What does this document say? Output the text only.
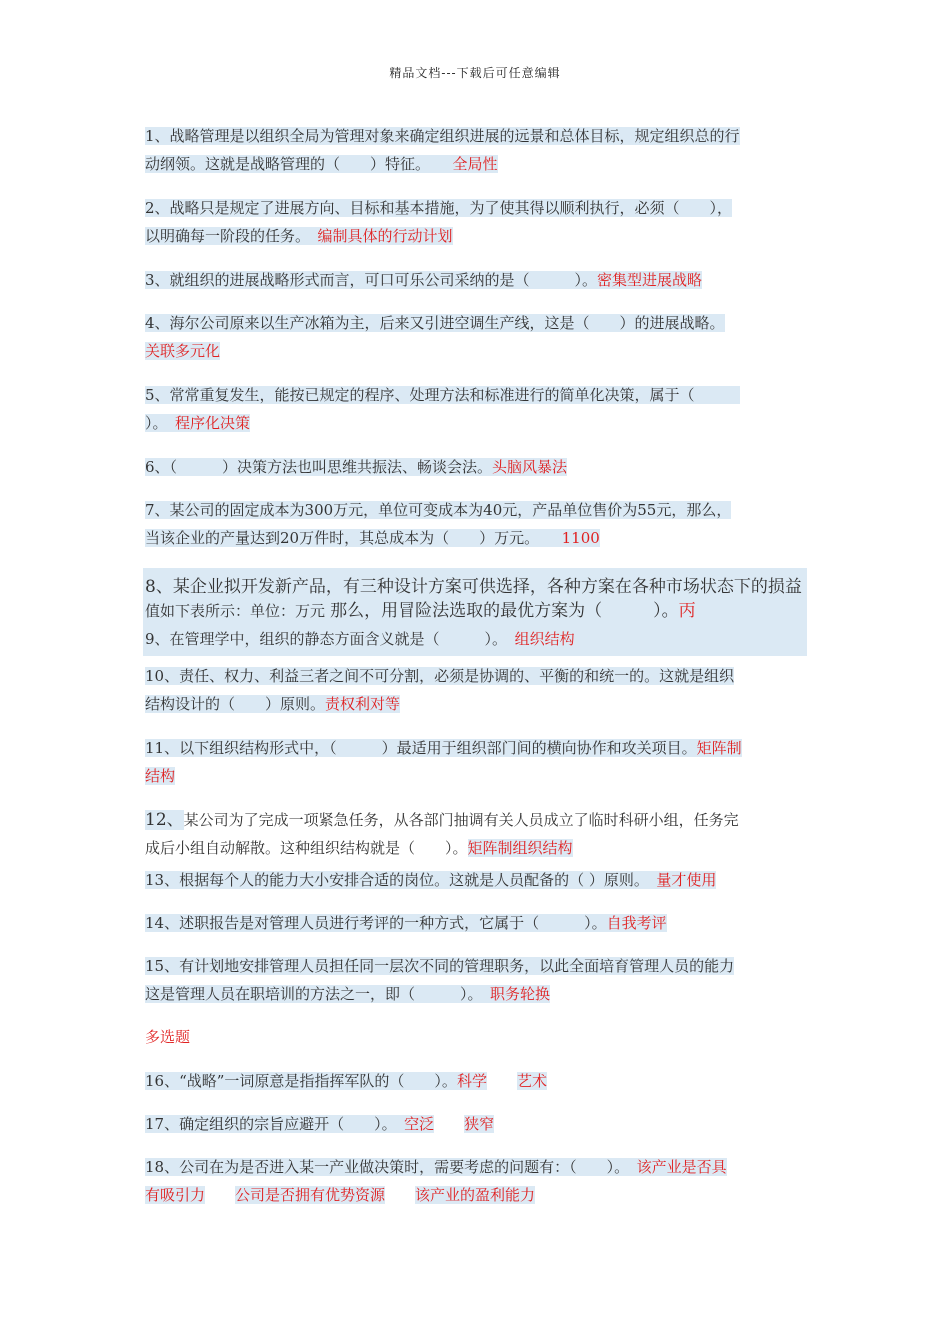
精品文档---下载后可任意编辑
1、战略管理是以组织全局为管理对象来确定组织进展的远景和总体目标，规定组织总的行
动纲领。这就是战略管理的（　　）特征。　　 全局性
2、战略只是规定了进展方向、目标和基本措施，为了使其得以顺利执行，必须（　　），
以明确每一阶段的任务。　 编制具体的行动计划
3、就组织的进展战略形式而言，可口可乐公司采纳的是（　　　）。密集型进展战略
4、海尔公司原来以生产冰箱为主，后来又引进空调生产线，这是（　　）的进展战略。
关联多元化
5、常常重复发生，能按已规定的程序、处理方法和标准进行的简单化决策，属于（　　　
）。　 程序化决策
6、（　　　）决策方法也叫思维共振法、畅谈会法。头脑风暴法
7、某公司的固定成本为300万元，单位可变成本为40元，产品单位售价为55元，那么，
当该企业的产量达到20万件时，其总成本为（　　）万元。　　 1100
8、某企业拟开发新产品，有三种设计方案可供选择，各种方案在各种市场状态下的损益
值如下表所示：单位：万元 那么，用冒险法选取的最优方案为（　　　）。丙
9、在管理学中，组织的静态方面含义就是（　　　）。　 组织结构
10、责任、权力、利益三者之间不可分割，必须是协调的、平衡的和统一的。这就是组织
结构设计的（　　）原则。责权利对等
11、以下组织结构形式中，（　　　）最适用于组织部门间的横向协作和攻关项目。矩阵制
结构
12、某公司为了完成一项紧急任务，从各部门抽调有关人员成立了临时科研小组，任务完
成后小组自动解散。这种组织结构就是（　　）。矩阵制组织结构
13、根据每个人的能力大小安排合适的岗位。这就是人员配备的（ ）原则。　 量才使用
14、述职报告是对管理人员进行考评的一种方式，它属于（　　　）。自我考评
15、有计划地安排管理人员担任同一层次不同的管理职务，以此全面培育管理人员的能力
这是管理人员在职培训的方法之一，即（　　　）。　 职务轮换
多选题
16、“战略”一词原意是指指挥军队的（　　）。科学 艺术
17、确定组织的宗旨应避开（　　）。　 空泛 狭窄
18、公司在为是否进入某一产业做决策时，需要考虑的问题有：（　　）。　 该产业是否具
有吸引力 公司是否拥有优势资源 该产业的盈利能力
